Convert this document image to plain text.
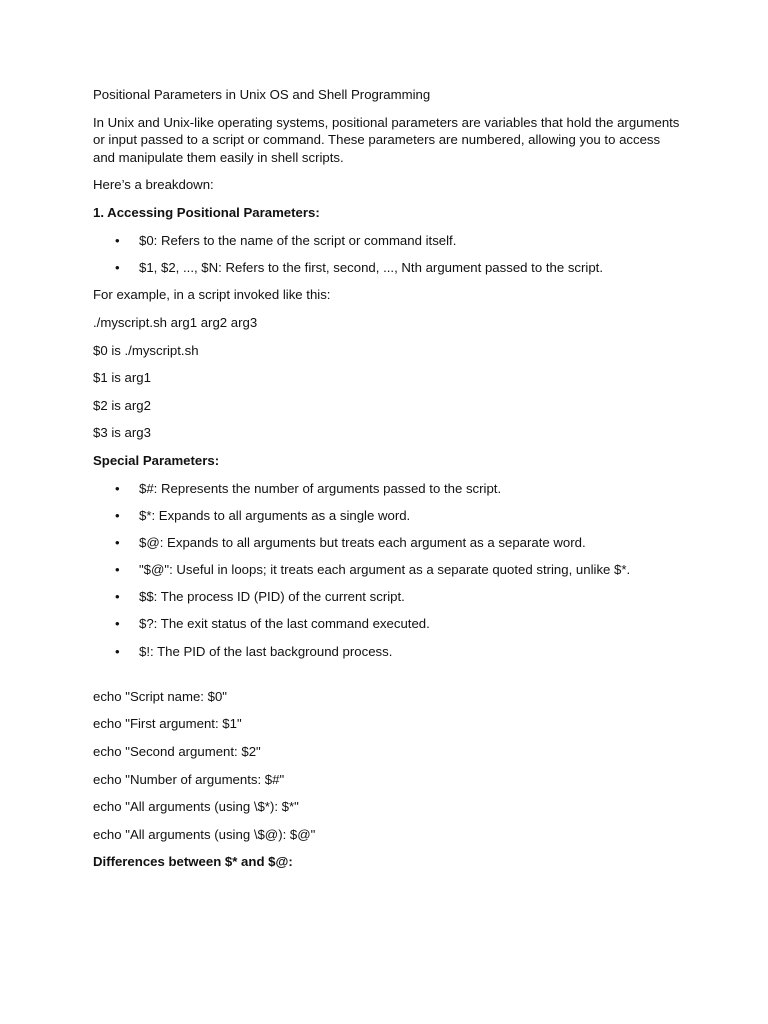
Positional Parameters in Unix OS and Shell Programming

In Unix and Unix-like operating systems, positional parameters are variables that hold the arguments or input passed to a script or command. These parameters are numbered, allowing you to access and manipulate them easily in shell scripts.

Here’s a breakdown:

1. Accessing Positional Parameters:

• $0: Refers to the name of the script or command itself.
• $1, $2, ..., $N: Refers to the first, second, ..., Nth argument passed to the script.

For example, in a script invoked like this:

./myscript.sh arg1 arg2 arg3

$0 is ./myscript.sh

$1 is arg1

$2 is arg2

$3 is arg3

Special Parameters:

• $#: Represents the number of arguments passed to the script.
• $*: Expands to all arguments as a single word.
• $@: Expands to all arguments but treats each argument as a separate word.
• "$@": Useful in loops; it treats each argument as a separate quoted string, unlike $*.
• $$: The process ID (PID) of the current script.
• $?: The exit status of the last command executed.
• $!: The PID of the last background process.

echo "Script name: $0"

echo "First argument: $1"

echo "Second argument: $2"

echo "Number of arguments: $#"

echo "All arguments (using \$*): $*"

echo "All arguments (using \$@): $@"

Differences between $* and $@:
